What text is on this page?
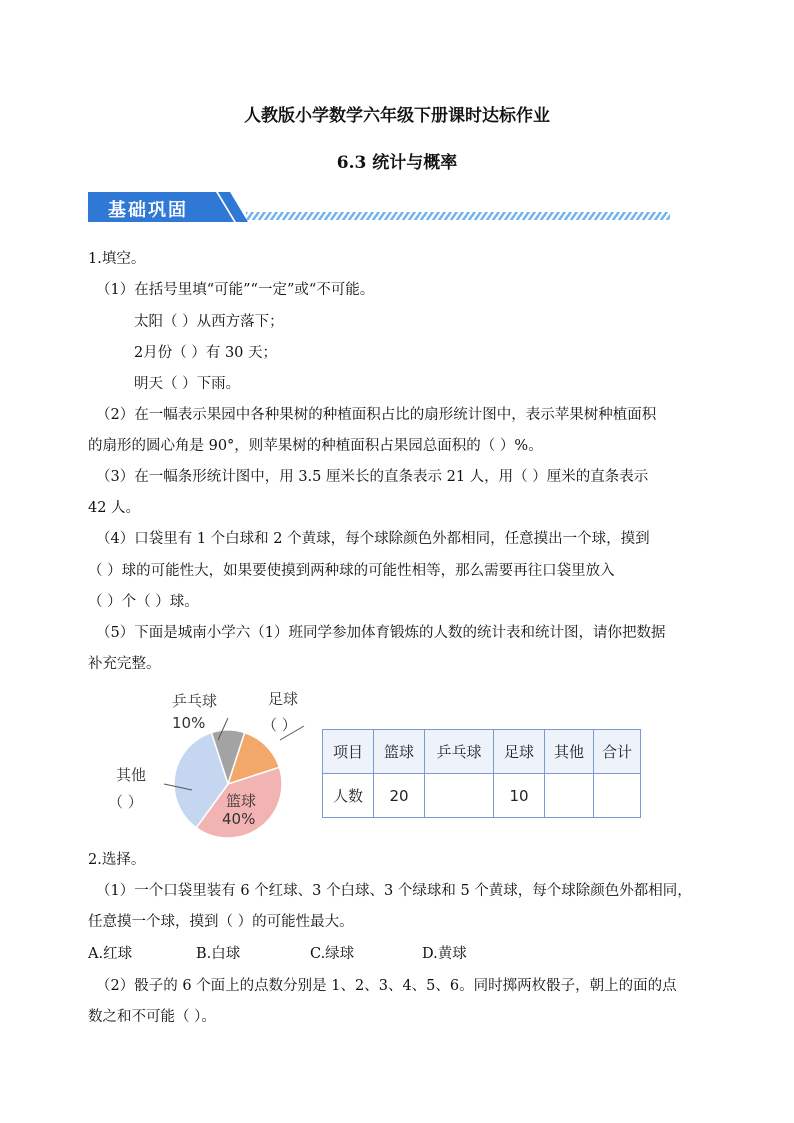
人教版小学数学六年级下册课时达标作业
6.3 统计与概率
基础巩固
1.填空。
（1）在括号里填“可能”“一定”或“不可能。
太阳（ ）从西方落下；
2月份（ ）有 30 天；
明天（ ）下雨。
（2）在一幅表示果园中各种果树的种植面积占比的扇形统计图中，表示苹果树种植面积
的扇形的圆心角是 90°，则苹果树的种植面积占果园总面积的（ ）%。
（3）在一幅条形统计图中，用 3.5 厘米长的直条表示 21 人，用（ ）厘米的直条表示
42 人。
（4）口袋里有 1 个白球和 2 个黄球，每个球除颜色外都相同，任意摸出一个球，摸到
（ ）球的可能性大，如果要使摸到两种球的可能性相等，那么需要再往口袋里放入
（ ）个（ ）球。
（5）下面是城南小学六（1）班同学参加体育锻炼的人数的统计表和统计图，请你把数据
补充完整。
乒乓球
10%
足球
（ ）
篮球
40%
其他
（ ）
项目	篮球	乒乓球	足球	其他	合计
人数	20		10		
2.选择。
（1）一个口袋里装有 6 个红球、3 个白球、3 个绿球和 5 个黄球，每个球除颜色外都相同，
任意摸一个球，摸到（ ）的可能性最大。
A.红球	B.白球	C.绿球	D.黄球
（2）骰子的 6 个面上的点数分别是 1、2、3、4、5、6。同时掷两枚骰子，朝上的面的点
数之和不可能（ ）。
